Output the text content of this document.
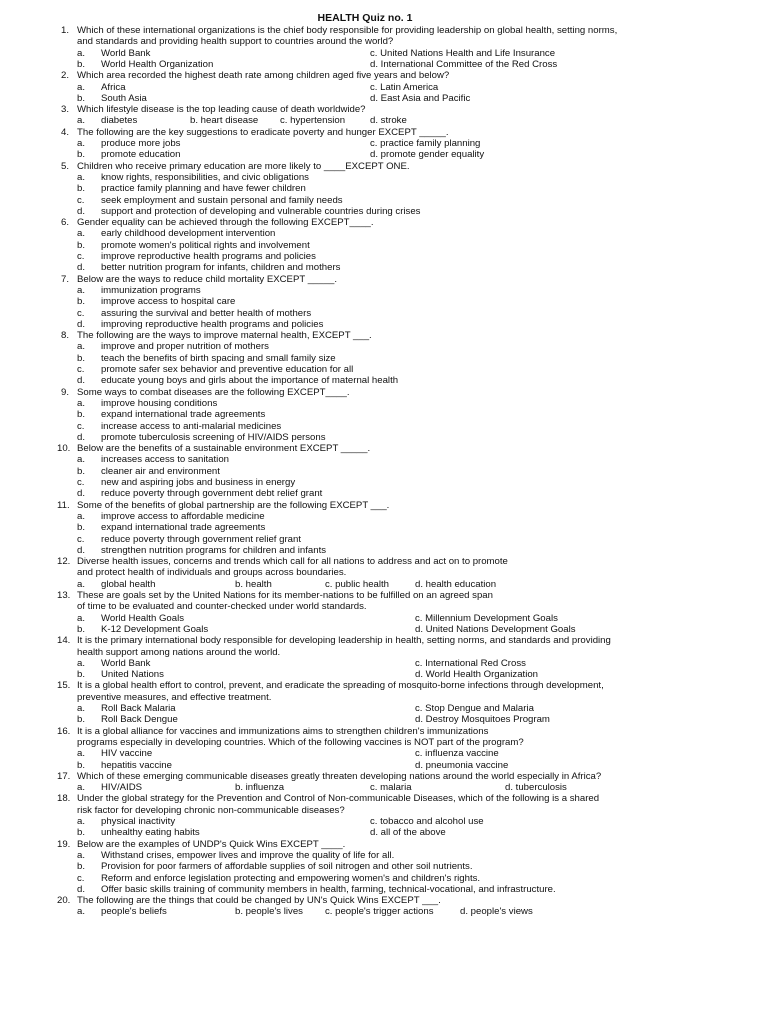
HEALTH Quiz no. 1
1. Which of these international organizations is the chief body responsible for providing leadership on global health, setting norms,
and standards and providing health support to countries around the world?
a. World Bank	c. United Nations Health and Life Insurance
b. World Health Organization	d. International Committee of the Red Cross
2. Which area recorded the highest death rate among children aged five years and below?
a. Africa	c. Latin America
b. South Asia	d. East Asia and Pacific
3. Which lifestyle disease is the top leading cause of death worldwide?
a. diabetes	b. heart disease c. hypertension	d. stroke
4. The following are the key suggestions to eradicate poverty and hunger EXCEPT _____.
a. produce more jobs	c. practice family planning
b. promote education	d. promote gender equality
5. Children who receive primary education are more likely to ____EXCEPT ONE.
a. know rights, responsibilities, and civic obligations
b. practice family planning and have fewer children
c. seek employment and sustain personal and family needs
d. support and protection of developing and vulnerable countries during crises
6. Gender equality can be achieved through the following EXCEPT____.
a. early childhood development intervention
b. promote women's political rights and involvement
c. improve reproductive health programs and policies
d. better nutrition program for infants, children and mothers
7. Below are the ways to reduce child mortality EXCEPT _____.
a. immunization programs
b. improve access to hospital care
c. assuring the survival and better health of mothers
d. improving reproductive health programs and policies
8. The following are the ways to improve maternal health, EXCEPT ___.
a. improve and proper nutrition of mothers
b. teach the benefits of birth spacing and small family size
c. promote safer sex behavior and preventive education for all
d. educate young boys and girls about the importance of maternal health
9. Some ways to combat diseases are the following EXCEPT____.
a. improve housing conditions
b. expand international trade agreements
c. increase access to anti-malarial medicines
d. promote tuberculosis screening of HIV/AIDS persons
10. Below are the benefits of a sustainable environment EXCEPT _____.
a. increases access to sanitation
b. cleaner air and environment
c. new and aspiring jobs and business in energy
d. reduce poverty through government debt relief grant
11. Some of the benefits of global partnership are the following EXCEPT ___.
a. improve access to affordable medicine
b. expand international trade agreements
c. reduce poverty through government relief grant
d. strengthen nutrition programs for children and infants
12. Diverse health issues, concerns and trends which call for all nations to address and act on to promote
and protect health of individuals and groups across boundaries.
a. global health	b. health	c. public health	d. health education
13. These are goals set by the United Nations for its member-nations to be fulfilled on an agreed span
of time to be evaluated and counter-checked under world standards.
a. World Health Goals	c. Millennium Development Goals
b. K-12 Development Goals	d. United Nations Development Goals
14. It is the primary international body responsible for developing leadership in health, setting norms, and standards and providing
health support among nations around the world.
a. World Bank	c. International Red Cross
b. United Nations	d. World Health Organization
15. It is a global health effort to control, prevent, and eradicate the spreading of mosquito-borne infections through development,
preventive measures, and effective treatment.
a. Roll Back Malaria	c. Stop Dengue and Malaria
b. Roll Back Dengue	d. Destroy Mosquitoes Program
16. It is a global alliance for vaccines and immunizations aims to strengthen children's immunizations
programs especially in developing countries. Which of the following vaccines is NOT part of the program?
a. HIV vaccine	c. influenza vaccine
b. hepatitis vaccine	d. pneumonia vaccine
17. Which of these emerging communicable diseases greatly threaten developing nations around the world especially in Africa?
a. HIV/AIDS	b. influenza	c. malaria	d. tuberculosis
18. Under the global strategy for the Prevention and Control of Non-communicable Diseases, which of the following is a shared
risk factor for developing chronic non-communicable diseases?
a. physical inactivity	c. tobacco and alcohol use
b. unhealthy eating habits	d. all of the above
19. Below are the examples of UNDP's Quick Wins EXCEPT ____.
a. Withstand crises, empower lives and improve the quality of life for all.
b. Provision for poor farmers of affordable supplies of soil nitrogen and other soil nutrients.
c. Reform and enforce legislation protecting and empowering women's and children's rights.
d. Offer basic skills training of community members in health, farming, technical-vocational, and infrastructure.
20. The following are the things that could be changed by UN's Quick Wins EXCEPT ___.
a. people's beliefs	b. people's lives c. people's trigger actions	d. people's views
